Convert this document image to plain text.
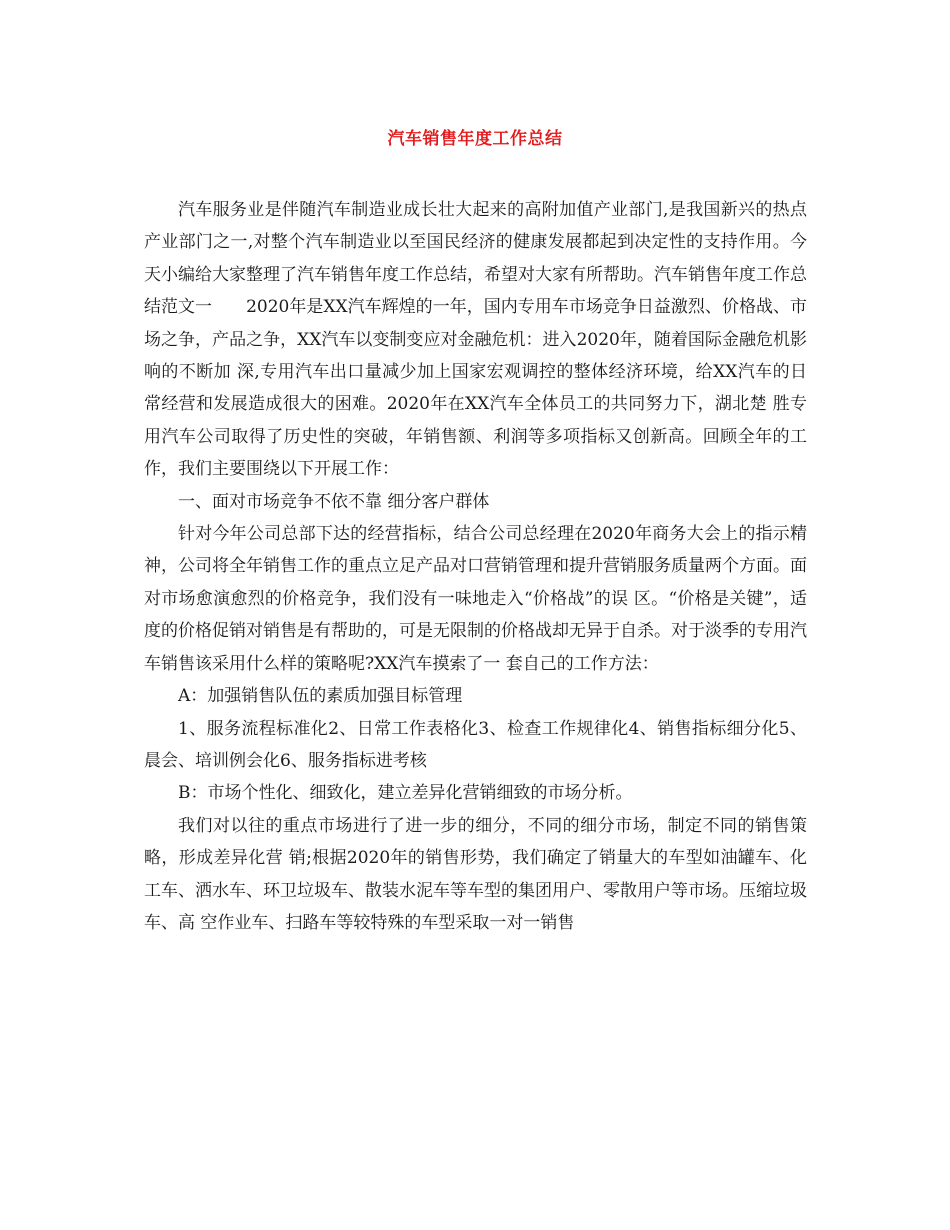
汽车销售年度工作总结

汽车服务业是伴随汽车制造业成长壮大起来的高附加值产业部门,是我国新兴的热点产业部门之一,对整个汽车制造业以至国民经济的健康发展都起到决定性的支持作用。今天小编给大家整理了汽车销售年度工作总结，希望对大家有所帮助。汽车销售年度工作总结范文一　　2020年是XX汽车辉煌的一年，国内专用车市场竞争日益激烈、价格战、市场之争，产品之争，XX汽车以变制变应对金融危机：进入2020年，随着国际金融危机影响的不断加 深,专用汽车出口量减少加上国家宏观调控的整体经济环境，给XX汽车的日常经营和发展造成很大的困难。2020年在XX汽车全体员工的共同努力下，湖北楚 胜专用汽车公司取得了历史性的突破，年销售额、利润等多项指标又创新高。回顾全年的工作，我们主要围绕以下开展工作：

一、面对市场竞争不依不靠 细分客户群体

针对今年公司总部下达的经营指标，结合公司总经理在2020年商务大会上的指示精神，公司将全年销售工作的重点立足产品对口营销管理和提升营销服务质量两个方面。面对市场愈演愈烈的价格竞争，我们没有一味地走入“价格战”的误 区。“价格是关键”，适度的价格促销对销售是有帮助的，可是无限制的价格战却无异于自杀。对于淡季的专用汽车销售该采用什么样的策略呢?XX汽车摸索了一 套自己的工作方法：

A：加强销售队伍的素质加强目标管理

1、服务流程标准化2、日常工作表格化3、检查工作规律化4、销售指标细分化5、晨会、培训例会化6、服务指标进考核

B：市场个性化、细致化，建立差异化营销细致的市场分析。

我们对以往的重点市场进行了进一步的细分，不同的细分市场，制定不同的销售策略，形成差异化营 销;根据2020年的销售形势，我们确定了销量大的车型如油罐车、化工车、洒水车、环卫垃圾车、散装水泥车等车型的集团用户、零散用户等市场。压缩垃圾车、高 空作业车、扫路车等较特殊的车型采取一对一销售
